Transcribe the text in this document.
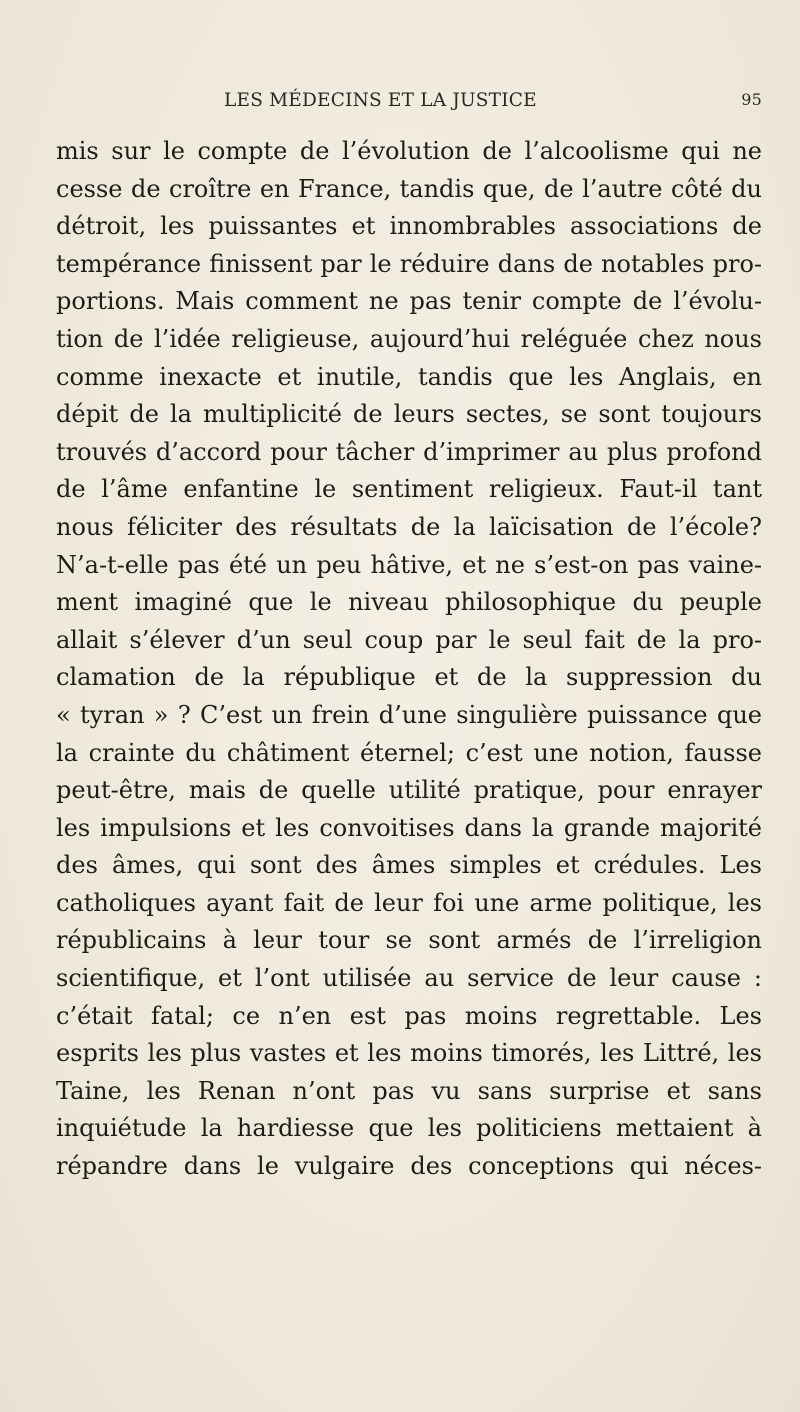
LES MÉDECINS ET LA JUSTICE	95
mis sur le compte de l’évolution de l’alcoolisme qui ne
cesse de croître en France, tandis que, de l’autre côté du
détroit, les puissantes et innombrables associations de
tempérance finissent par le réduire dans de notables pro-
portions. Mais comment ne pas tenir compte de l’évolu-
tion de l’idée religieuse, aujourd’hui reléguée chez nous
comme inexacte et inutile, tandis que les Anglais, en
dépit de la multiplicité de leurs sectes, se sont toujours
trouvés d’accord pour tâcher d’imprimer au plus profond
de l’âme enfantine le sentiment religieux. Faut-il tant
nous féliciter des résultats de la laïcisation de l’école?
N’a-t-elle pas été un peu hâtive, et ne s’est-on pas vaine-
ment imaginé que le niveau philosophique du peuple
allait s’élever d’un seul coup par le seul fait de la pro-
clamation de la république et de la suppression du
« tyran » ? C’est un frein d’une singulière puissance que
la crainte du châtiment éternel; c’est une notion, fausse
peut-être, mais de quelle utilité pratique, pour enrayer
les impulsions et les convoitises dans la grande majorité
des âmes, qui sont des âmes simples et crédules. Les
catholiques ayant fait de leur foi une arme politique, les
républicains à leur tour se sont armés de l’irreligion
scientifique, et l’ont utilisée au service de leur cause :
c’était fatal; ce n’en est pas moins regrettable. Les
esprits les plus vastes et les moins timorés, les Littré, les
Taine, les Renan n’ont pas vu sans surprise et sans
inquiétude la hardiesse que les politiciens mettaient à
répandre dans le vulgaire des conceptions qui néces-
